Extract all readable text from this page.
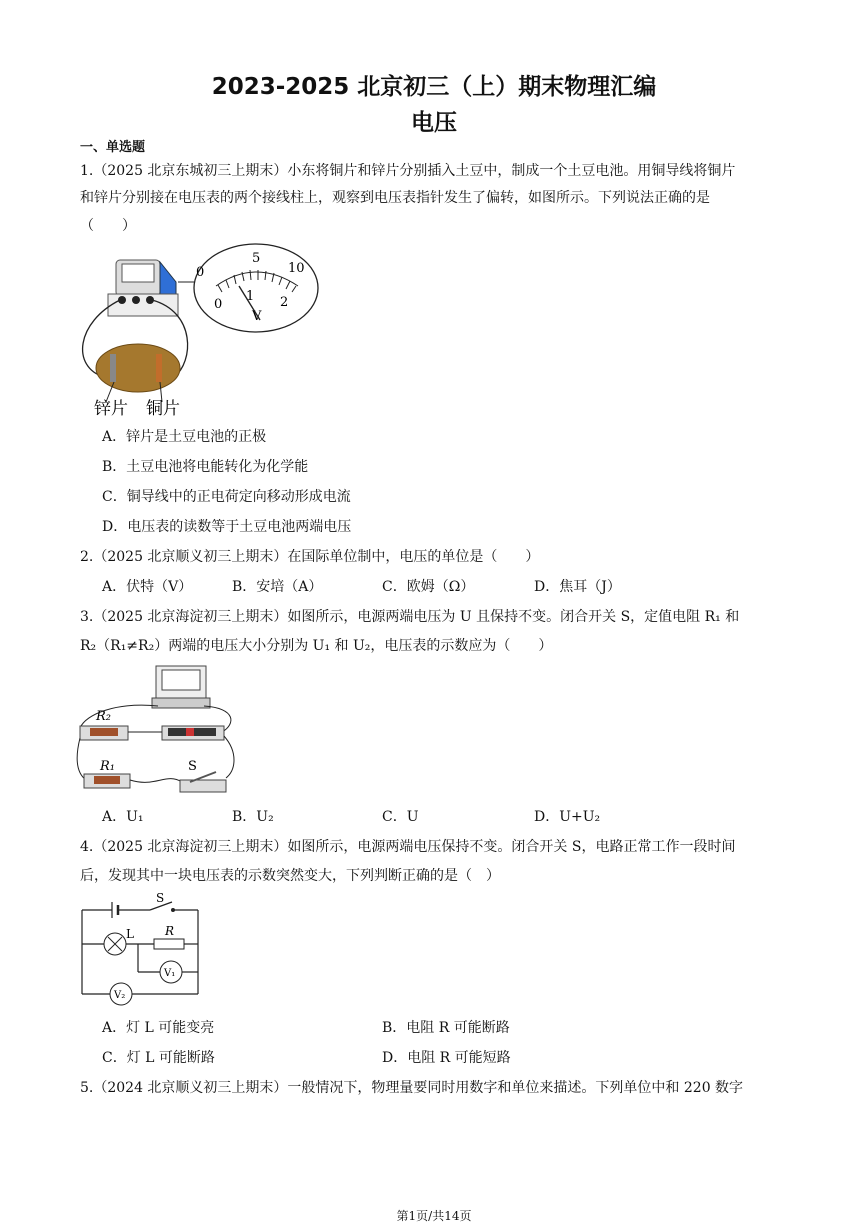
2023-2025 北京初三（上）期末物理汇编
电压
一、单选题
1.（2025 北京东城初三上期末）小东将铜片和锌片分别插入土豆中，制成一个土豆电池。用铜导线将铜片
和锌片分别接在电压表的两个接线柱上，观察到电压表指针发生了偏转，如图所示。下列说法正确的是
（　　）
锌片 铜片
0
5
10
0
1 2
V
A．锌片是土豆电池的正极
B．土豆电池将电能转化为化学能
C．铜导线中的正电荷定向移动形成电流
D．电压表的读数等于土豆电池两端电压
2.（2025 北京顺义初三上期末）在国际单位制中，电压的单位是（　　）
A．伏特（V）	B．安培（A）	C．欧姆（Ω）	D．焦耳（J）
3.（2025 北京海淀初三上期末）如图所示，电源两端电压为 U 且保持不变。闭合开关 S，定值电阻 R₁ 和
R₂（R₁≠R₂）两端的电压大小分别为 U₁ 和 U₂，电压表的示数应为（　　）
R₂
R₁	S
A．U₁	B．U₂	C．U	D．U+U₂
4.（2025 北京海淀初三上期末）如图所示，电源两端电压保持不变。闭合开关 S，电路正常工作一段时间
后，发现其中一块电压表的示数突然变大，下列判断正确的是（　）
S
L	R
V₁
V₂
A．灯 L 可能变亮	B．电阻 R 可能断路
C．灯 L 可能断路	D．电阻 R 可能短路
5.（2024 北京顺义初三上期末）一般情况下，物理量要同时用数字和单位来描述。下列单位中和 220 数字
第1页/共14页
